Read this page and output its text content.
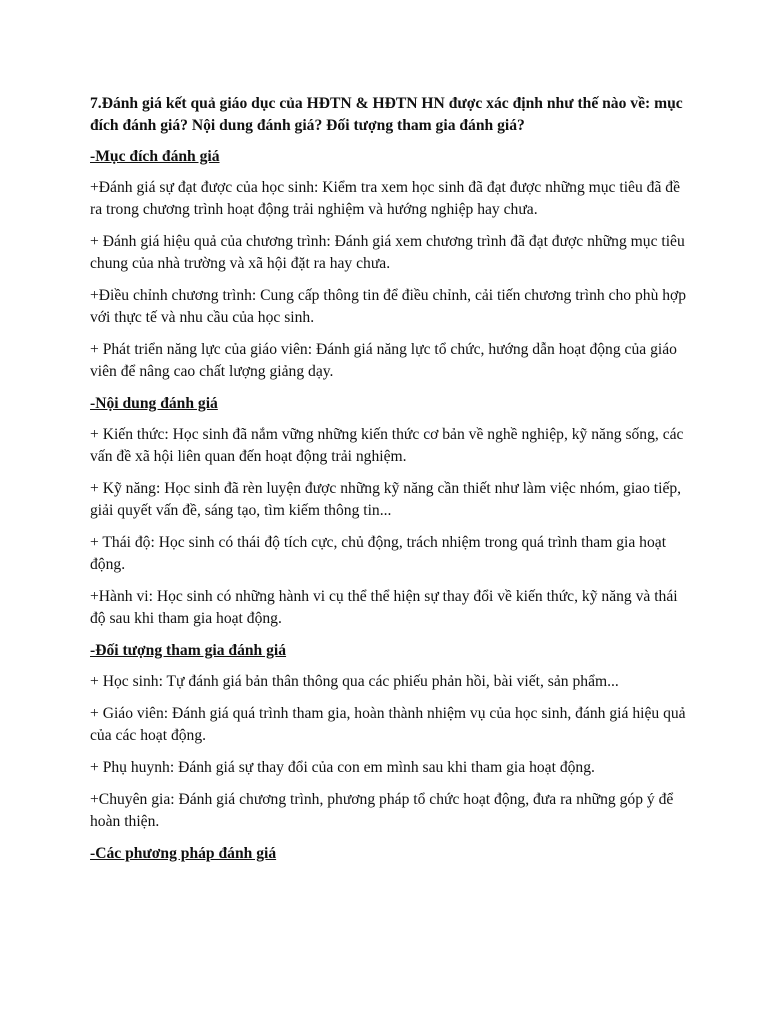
7.Đánh giá kết quả giáo dục của HĐTN & HĐTN HN được xác định như thế nào về: mục đích đánh giá? Nội dung đánh giá? Đối tượng tham gia đánh giá?

-Mục đích đánh giá

+Đánh giá sự đạt được của học sinh: Kiểm tra xem học sinh đã đạt được những mục tiêu đã đề ra trong chương trình hoạt động trải nghiệm và hướng nghiệp hay chưa.

+ Đánh giá hiệu quả của chương trình: Đánh giá xem chương trình đã đạt được những mục tiêu chung của nhà trường và xã hội đặt ra hay chưa.

+Điều chỉnh chương trình: Cung cấp thông tin để điều chỉnh, cải tiến chương trình cho phù hợp với thực tế và nhu cầu của học sinh.

+ Phát triển năng lực của giáo viên: Đánh giá năng lực tổ chức, hướng dẫn hoạt động của giáo viên để nâng cao chất lượng giảng dạy.

-Nội dung đánh giá

+ Kiến thức: Học sinh đã nắm vững những kiến thức cơ bản về nghề nghiệp, kỹ năng sống, các vấn đề xã hội liên quan đến hoạt động trải nghiệm.

+ Kỹ năng: Học sinh đã rèn luyện được những kỹ năng cần thiết như làm việc nhóm, giao tiếp, giải quyết vấn đề, sáng tạo, tìm kiếm thông tin...

+ Thái độ: Học sinh có thái độ tích cực, chủ động, trách nhiệm trong quá trình tham gia hoạt động.

+Hành vi: Học sinh có những hành vi cụ thể thể hiện sự thay đổi về kiến thức, kỹ năng và thái độ sau khi tham gia hoạt động.

-Đối tượng tham gia đánh giá

+ Học sinh: Tự đánh giá bản thân thông qua các phiếu phản hồi, bài viết, sản phẩm...

+ Giáo viên: Đánh giá quá trình tham gia, hoàn thành nhiệm vụ của học sinh, đánh giá hiệu quả của các hoạt động.

+ Phụ huynh: Đánh giá sự thay đổi của con em mình sau khi tham gia hoạt động.

+Chuyên gia: Đánh giá chương trình, phương pháp tổ chức hoạt động, đưa ra những góp ý để hoàn thiện.

-Các phương pháp đánh giá
